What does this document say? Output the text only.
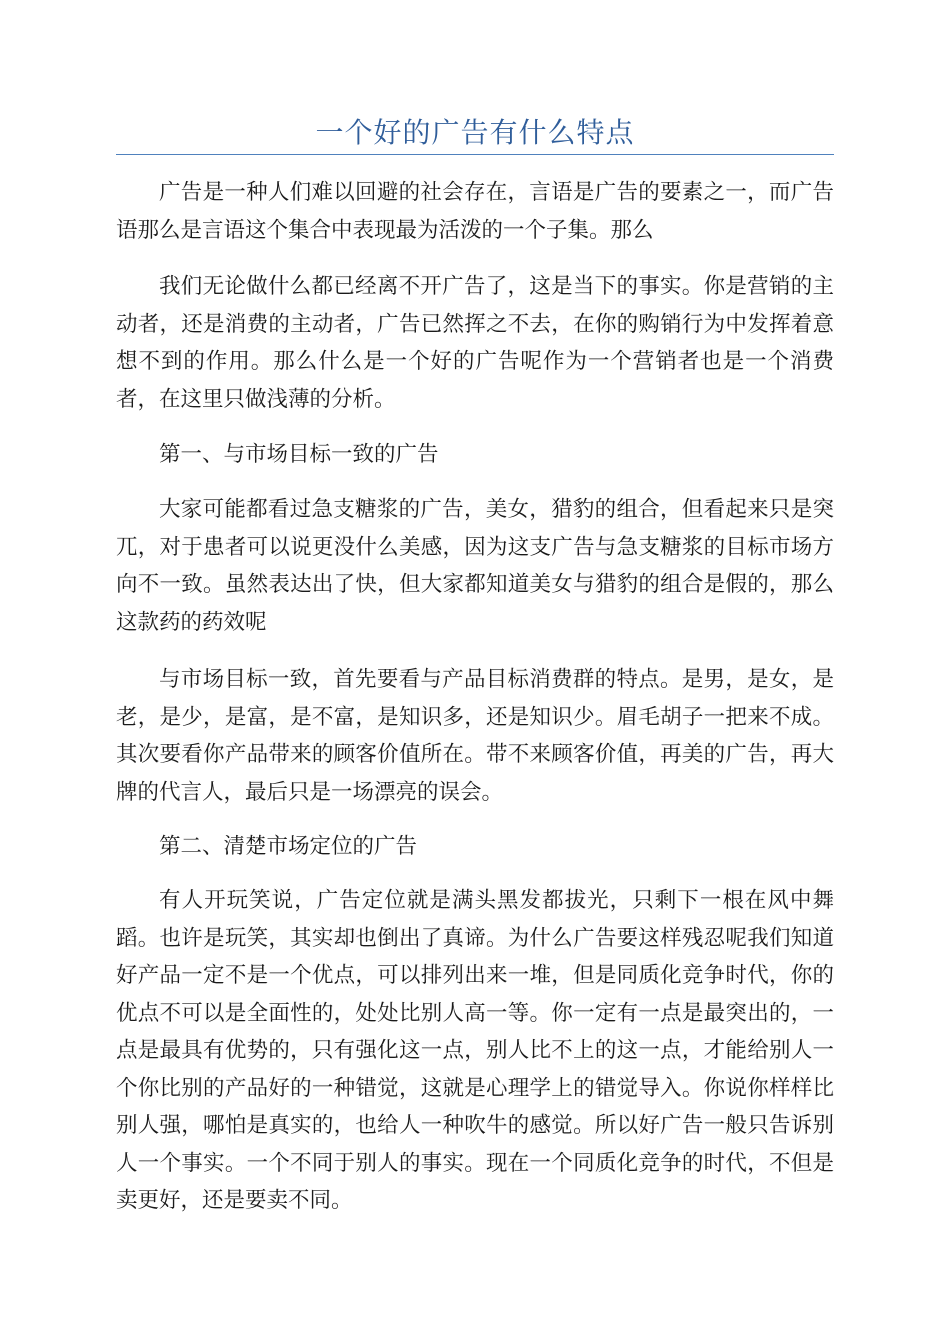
一个好的广告有什么特点

广告是一种人们难以回避的社会存在，言语是广告的要素之一，而广告语那么是言语这个集合中表现最为活泼的一个子集。那么

我们无论做什么都已经离不开广告了，这是当下的事实。你是营销的主动者，还是消费的主动者，广告已然挥之不去，在你的购销行为中发挥着意想不到的作用。那么什么是一个好的广告呢作为一个营销者也是一个消费者，在这里只做浅薄的分析。

第一、与市场目标一致的广告

大家可能都看过急支糖浆的广告，美女，猎豹的组合，但看起来只是突兀，对于患者可以说更没什么美感，因为这支广告与急支糖浆的目标市场方向不一致。虽然表达出了快，但大家都知道美女与猎豹的组合是假的，那么这款药的药效呢

与市场目标一致，首先要看与产品目标消费群的特点。是男，是女，是老，是少，是富，是不富，是知识多，还是知识少。眉毛胡子一把来不成。其次要看你产品带来的顾客价值所在。带不来顾客价值，再美的广告，再大牌的代言人，最后只是一场漂亮的误会。

第二、清楚市场定位的广告

有人开玩笑说，广告定位就是满头黑发都拔光，只剩下一根在风中舞蹈。也许是玩笑，其实却也倒出了真谛。为什么广告要这样残忍呢我们知道好产品一定不是一个优点，可以排列出来一堆，但是同质化竞争时代，你的优点不可以是全面性的，处处比别人高一等。你一定有一点是最突出的，一点是最具有优势的，只有强化这一点，别人比不上的这一点，才能给别人一个你比别的产品好的一种错觉，这就是心理学上的错觉导入。你说你样样比别人强，哪怕是真实的，也给人一种吹牛的感觉。所以好广告一般只告诉别人一个事实。一个不同于别人的事实。现在一个同质化竞争的时代，不但是卖更好，还是要卖不同。
